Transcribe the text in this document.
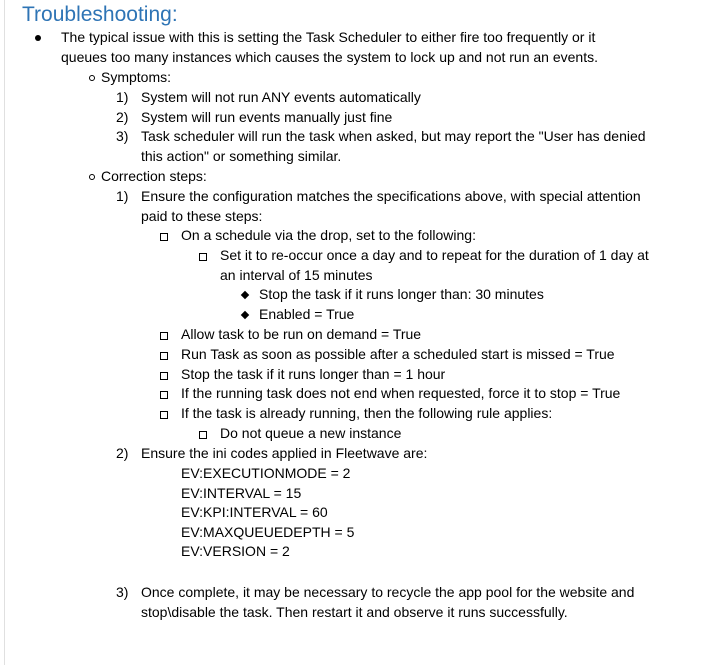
Troubleshooting:
The typical issue with this is setting the Task Scheduler to either fire too frequently or it
queues too many instances which causes the system to lock up and not run an events.
Symptoms:
1) System will not run ANY events automatically
2) System will run events manually just fine
3) Task scheduler will run the task when asked, but may report the "User has denied
this action" or something similar.
Correction steps:
1) Ensure the configuration matches the specifications above, with special attention
paid to these steps:
On a schedule via the drop, set to the following:
Set it to re-occur once a day and to repeat for the duration of 1 day at
an interval of 15 minutes
Stop the task if it runs longer than: 30 minutes
Enabled = True
Allow task to be run on demand = True
Run Task as soon as possible after a scheduled start is missed = True
Stop the task if it runs longer than = 1 hour
If the running task does not end when requested, force it to stop = True
If the task is already running, then the following rule applies:
Do not queue a new instance
2) Ensure the ini codes applied in Fleetwave are:
EV:EXECUTIONMODE = 2
EV:INTERVAL = 15
EV:KPI:INTERVAL = 60
EV:MAXQUEUEDEPTH = 5
EV:VERSION = 2
3) Once complete, it may be necessary to recycle the app pool for the website and
stop\disable the task. Then restart it and observe it runs successfully.
